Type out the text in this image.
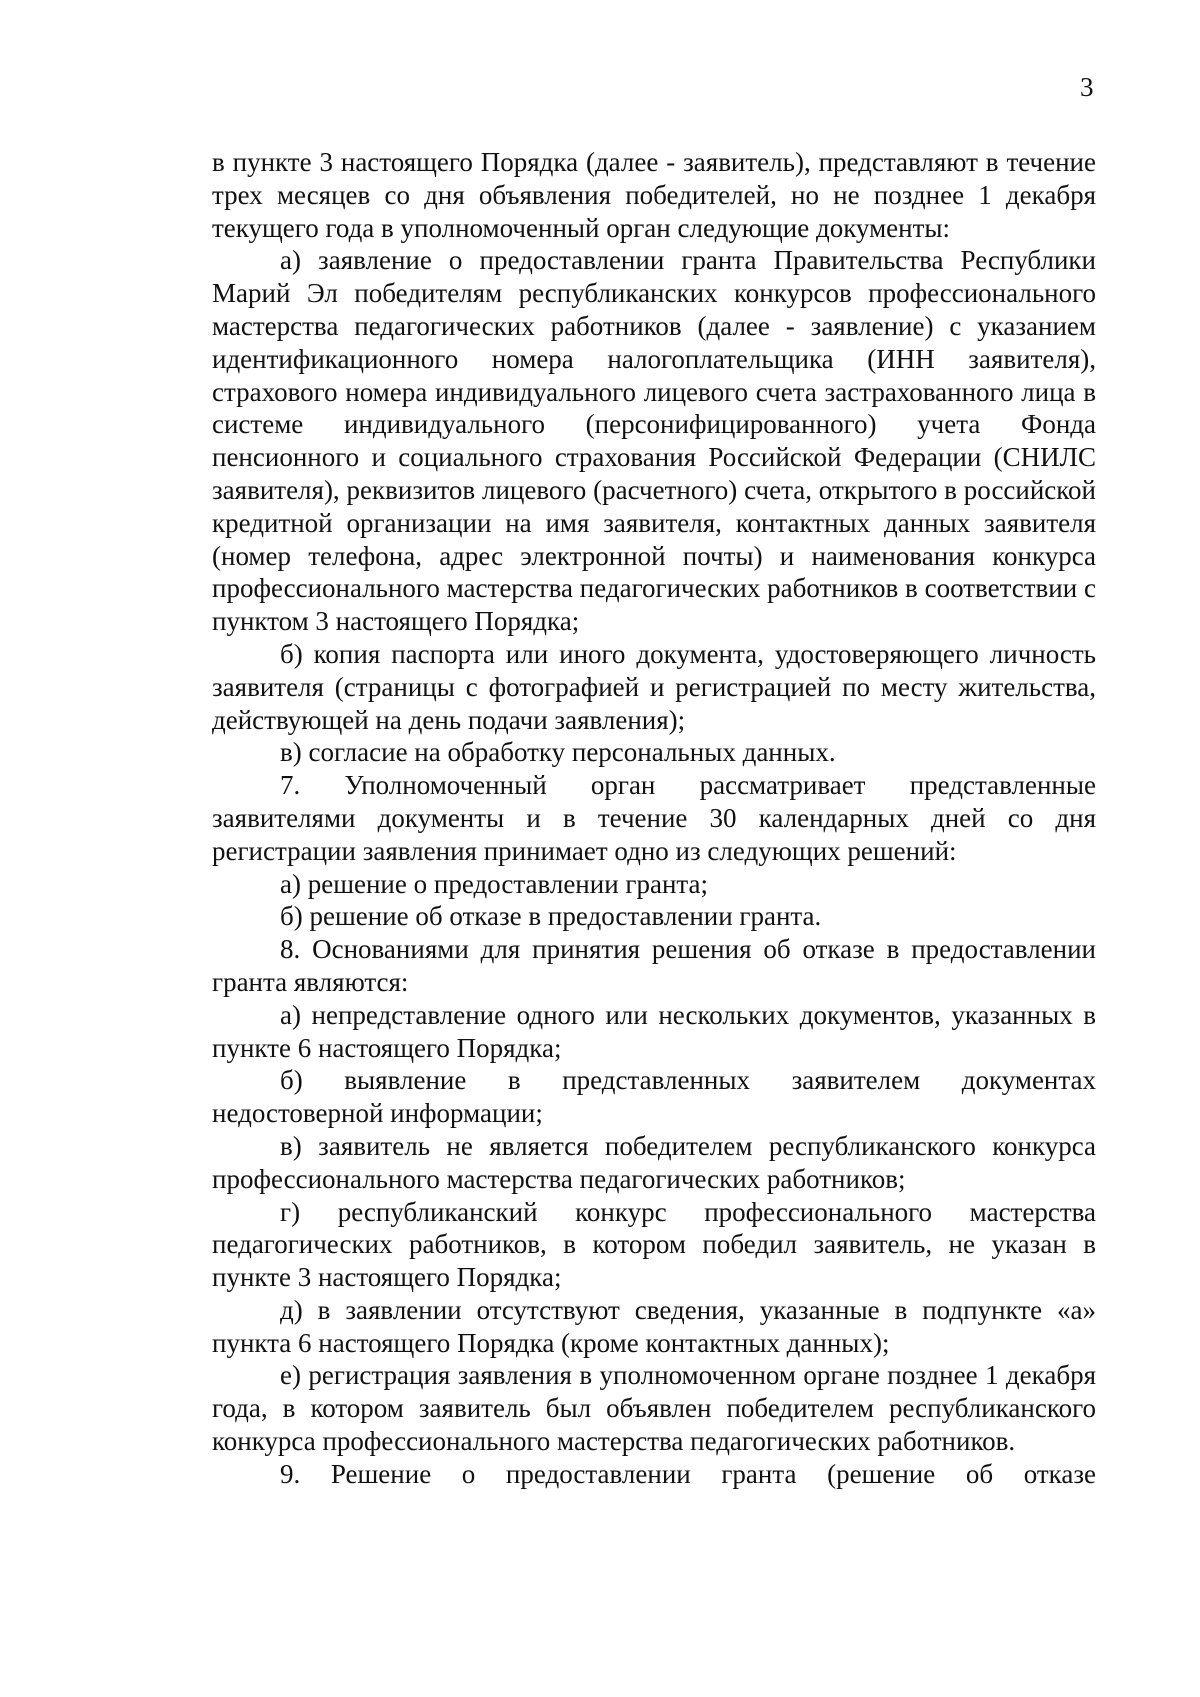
3

в пункте 3 настоящего Порядка (далее - заявитель), представляют в течение трех месяцев со дня объявления победителей, но не позднее 1 декабря текущего года в уполномоченный орган следующие документы:

а) заявление о предоставлении гранта Правительства Республики Марий Эл победителям республиканских конкурсов профессионального мастерства педагогических работников (далее - заявление) с указанием идентификационного номера налогоплательщика (ИНН заявителя), страхового номера индивидуального лицевого счета застрахованного лица в системе индивидуального (персонифицированного) учета Фонда пенсионного и социального страхования Российской Федерации (СНИЛС заявителя), реквизитов лицевого (расчетного) счета, открытого в российской кредитной организации на имя заявителя, контактных данных заявителя (номер телефона, адрес электронной почты) и наименования конкурса профессионального мастерства педагогических работников в соответствии с пунктом 3 настоящего Порядка;

б) копия паспорта или иного документа, удостоверяющего личность заявителя (страницы с фотографией и регистрацией по месту жительства, действующей на день подачи заявления);

в) согласие на обработку персональных данных.

7. Уполномоченный орган рассматривает представленные заявителями документы и в течение 30 календарных дней со дня регистрации заявления принимает одно из следующих решений:

а) решение о предоставлении гранта;

б) решение об отказе в предоставлении гранта.

8. Основаниями для принятия решения об отказе в предоставлении гранта являются:

а) непредставление одного или нескольких документов, указанных в пункте 6 настоящего Порядка;

б) выявление в представленных заявителем документах недостоверной информации;

в) заявитель не является победителем республиканского конкурса профессионального мастерства педагогических работников;

г) республиканский конкурс профессионального мастерства педагогических работников, в котором победил заявитель, не указан в пункте 3 настоящего Порядка;

д) в заявлении отсутствуют сведения, указанные в подпункте «а» пункта 6 настоящего Порядка (кроме контактных данных);

е) регистрация заявления в уполномоченном органе позднее 1 декабря года, в котором заявитель был объявлен победителем республиканского конкурса профессионального мастерства педагогических работников.

9. Решение о предоставлении гранта (решение об отказе
